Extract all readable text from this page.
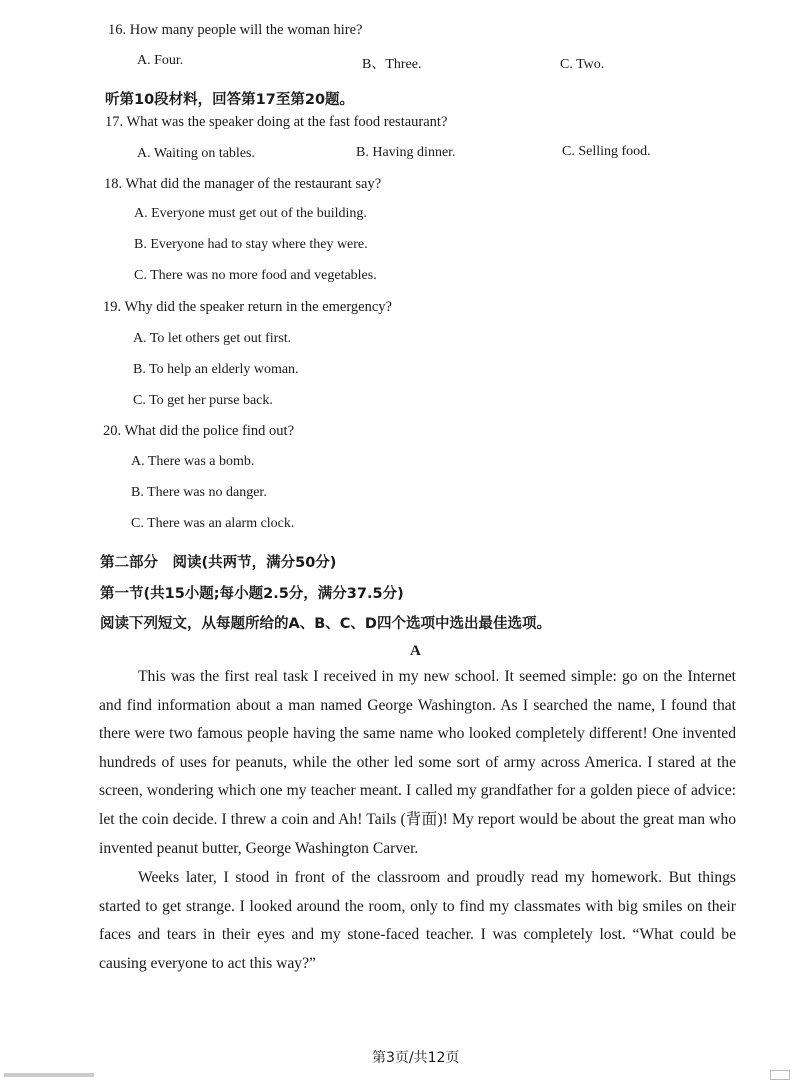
16. How many people will the woman hire?
A. Four.	B、Three.	C. Two.
听第10段材料，回答第17至第20题。
17. What was the speaker doing at the fast food restaurant?
A. Waiting on tables.	B. Having dinner.	C. Selling food.
18. What did the manager of the restaurant say?
A. Everyone must get out of the building.
B. Everyone had to stay where they were.
C. There was no more food and vegetables.
19. Why did the speaker return in the emergency?
A. To let others get out first.
B. To help an elderly woman.
C. To get her purse back.
20. What did the police find out?
A. There was a bomb.
B. There was no danger.
C. There was an alarm clock.
第二部分　阅读(共两节，满分50分)
第一节(共15小题;每小题2.5分，满分37.5分)
阅读下列短文，从每题所给的A、B、C、D四个选项中选出最佳选项。
A
This was the first real task I received in my new school. It seemed simple: go on the Internet and find information about a man named George Washington. As I searched the name, I found that there were two famous people having the same name who looked completely different! One invented hundreds of uses for peanuts, while the other led some sort of army across America. I stared at the screen, wondering which one my teacher meant. I called my grandfather for a golden piece of advice: let the coin decide. I threw a coin and Ah! Tails (背面)! My report would be about the great man who invented peanut butter, George Washington Carver.
Weeks later, I stood in front of the classroom and proudly read my homework. But things started to get strange. I looked around the room, only to find my classmates with big smiles on their faces and tears in their eyes and my stone-faced teacher. I was completely lost. “What could be causing everyone to act this way?”
第3页/共12页
